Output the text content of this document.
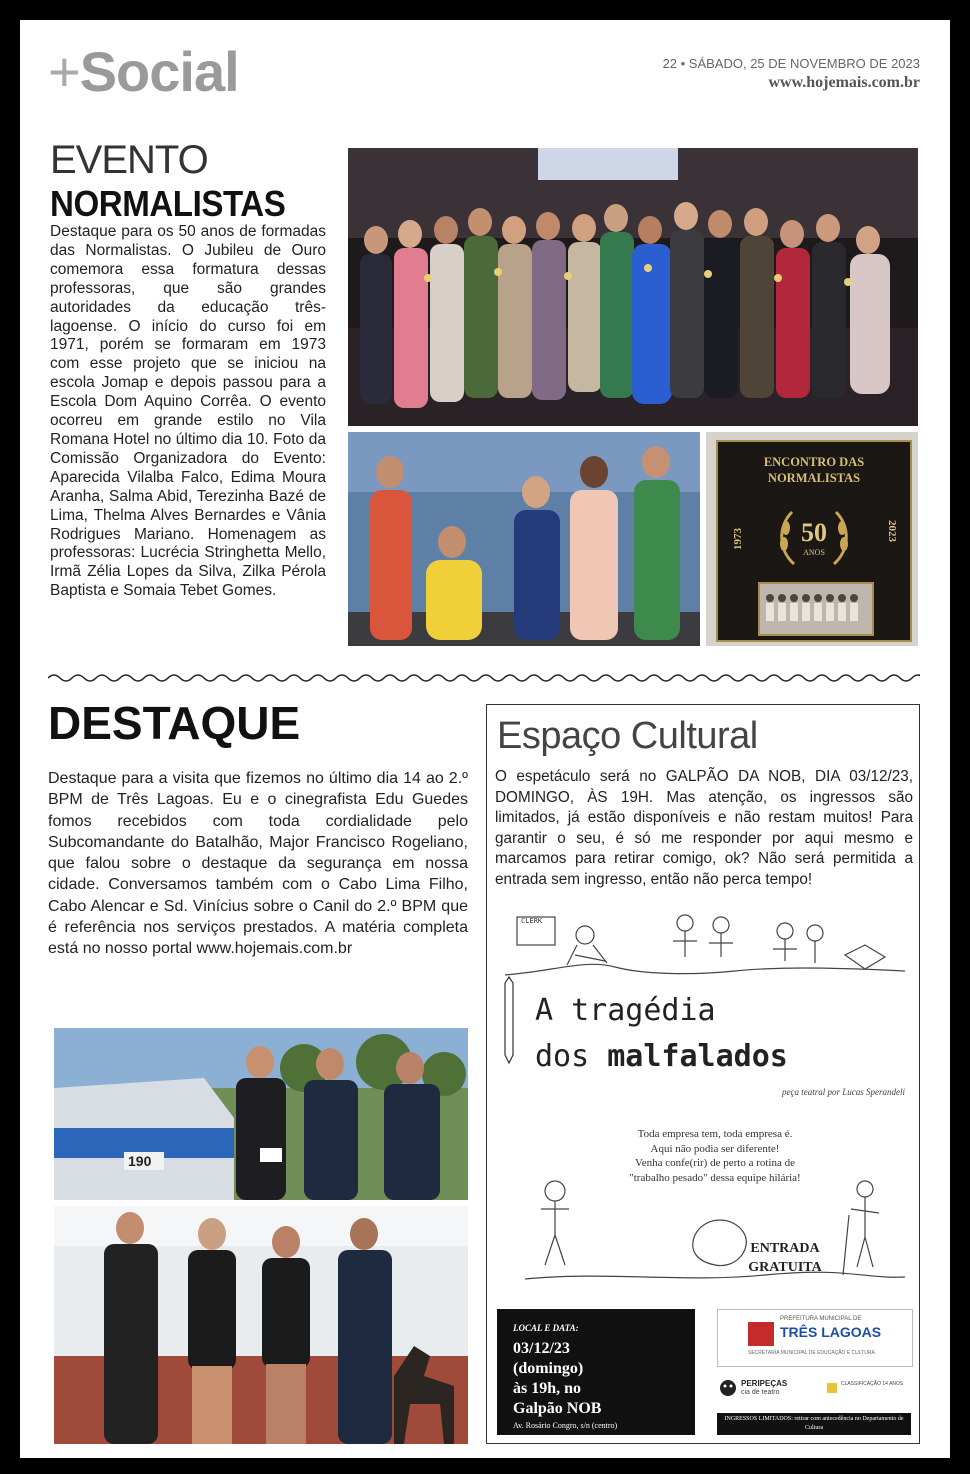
+Social	22 • SÁBADO, 25 DE NOVEMBRO DE 2023
www.hojemais.com.br
EVENTO
NORMALISTAS
Destaque para os 50 anos de formadas das Normalistas. O Jubileu de Ouro comemora essa formatura dessas professoras, que são grandes autoridades da educação três-lagoense. O início do curso foi em 1971, porém se formaram em 1973 com esse projeto que se iniciou na escola Jomap e depois passou para a Escola Dom Aquino Corrêa. O evento ocorreu em grande estilo no Vila Romana Hotel no último dia 10. Foto da Comissão Organizadora do Evento: Aparecida Vilalba Falco, Edima Moura Aranha, Salma Abid, Terezinha Bazé de Lima, Thelma Alves Bernardes e Vânia Rodrigues Mariano. Homenagem as professoras: Lucrécia Stringhetta Mello, Irmã Zélia Lopes da Silva, Zilka Pérola Baptista e Somaia Tebet Gomes.
ENCONTRO DAS
NORMALISTAS
1973	2023
50
ANOS
DESTAQUE
Destaque para a visita que fizemos no último dia 14 ao 2.º BPM de Três Lagoas. Eu e o cinegrafista Edu Guedes fomos recebidos com toda cordialidade pelo Subcomandante do Batalhão, Major Francisco Rogeliano, que falou sobre o destaque da segurança em nossa cidade. Conversamos também com o Cabo Lima Filho, Cabo Alencar e Sd. Vinícius sobre o Canil do 2.º BPM que é referência nos serviços prestados. A matéria completa está no nosso portal www.hojemais.com.br
190
Espaço Cultural
O espetáculo será no GALPÃO DA NOB, DIA 03/12/23, DOMINGO, ÀS 19H. Mas atenção, os ingressos são limitados, já estão disponíveis e não restam muitos! Para garantir o seu, é só me responder por aqui mesmo e marcamos para retirar comigo, ok? Não será permitida a entrada sem ingresso, então não perca tempo!
CLERK
A tragédia
dos malfalados
peça teatral por Lucas Sperandeli
Toda empresa tem, toda empresa é.
Aqui não podia ser diferente!
Venha confe(rir) de perto a rotina de
"trabalho pesado" dessa equipe hilária!
ENTRADA
GRATUITA
LOCAL E DATA:
03/12/23
(domingo)
às 19h, no
Galpão NOB
Av. Rosário Congro, s/n (centro)
PREFEITURA MUNICIPAL DE
TRÊS LAGOAS
SECRETARIA MUNICIPAL DE EDUCAÇÃO E CULTURA
PERIPEÇAS
cia de teatro
CLASSIFICAÇÃO 14 ANOS
INGRESSOS LIMITADOS: retirar com antecedência no Departamento de Cultura
